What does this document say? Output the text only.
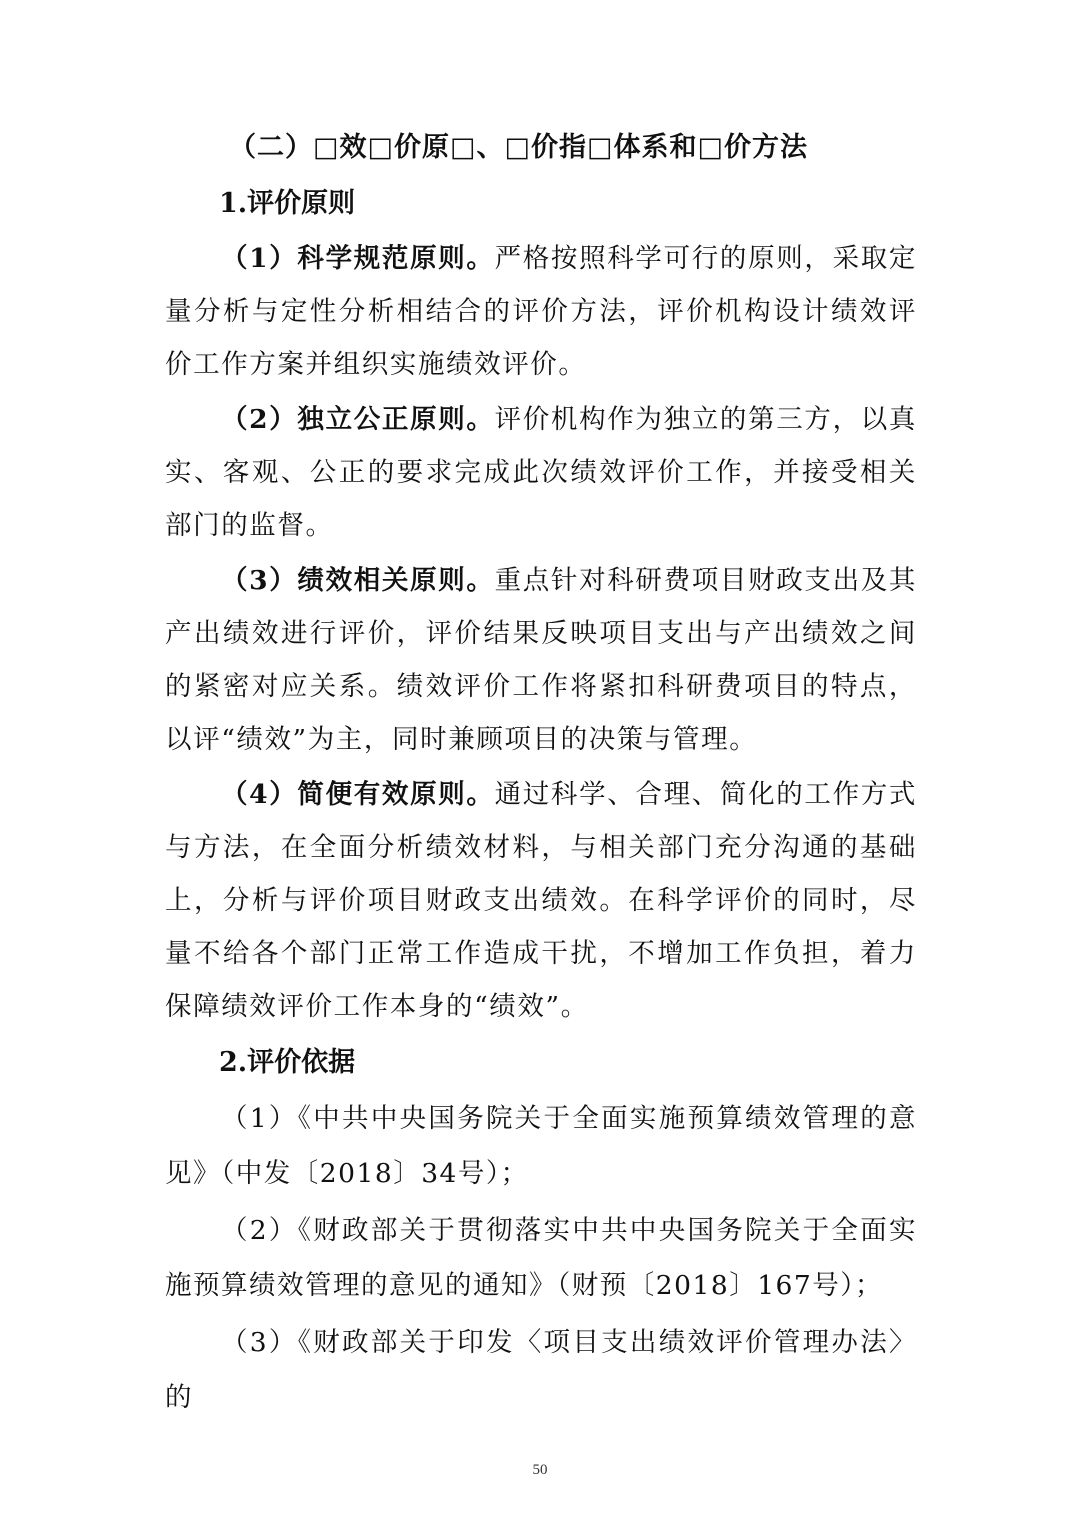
（二）□效□价原□、□价指□体系和□价方法
1.评价原则

（1）科学规范原则。严格按照科学可行的原则，采取定量分析与定性分析相结合的评价方法，评价机构设计绩效评价工作方案并组织实施绩效评价。

（2）独立公正原则。评价机构作为独立的第三方，以真实、客观、公正的要求完成此次绩效评价工作，并接受相关部门的监督。

（3）绩效相关原则。重点针对科研费项目财政支出及其产出绩效进行评价，评价结果反映项目支出与产出绩效之间的紧密对应关系。绩效评价工作将紧扣科研费项目的特点，以评“绩效”为主，同时兼顾项目的决策与管理。

（4）简便有效原则。通过科学、合理、简化的工作方式与方法，在全面分析绩效材料，与相关部门充分沟通的基础上，分析与评价项目财政支出绩效。在科学评价的同时，尽量不给各个部门正常工作造成干扰，不增加工作负担，着力保障绩效评价工作本身的“绩效”。

2.评价依据

（1）《中共中央国务院关于全面实施预算绩效管理的意见》（中发〔2018〕34号）；

（2）《财政部关于贯彻落实中共中央国务院关于全面实施预算绩效管理的意见的通知》（财预〔2018〕167号）；

（3）《财政部关于印发〈项目支出绩效评价管理办法〉的

50
